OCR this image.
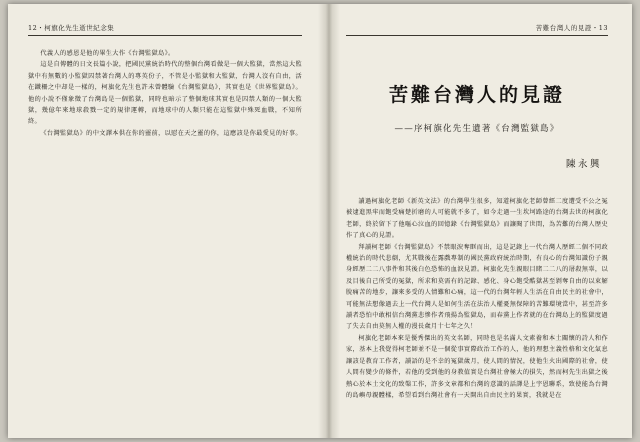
12・柯旗化先生逝世紀念集

代義人的感恩是他的畢生大作《台灣監獄島》。

這是自傳體的日文長篇小說，把國民黨統治時代的整個台灣看做是一個大監獄，當然這大監獄中有無數的小監獄囚禁著台灣人的專英份子，不管是小監獄和大監獄，台灣人沒有自由，活在鐵柵之中却是一樣的，柯旗化先生也許未曾體驗《台灣監獄島》，其實也是《世界監獄島》。他的小說不僅象徵了台灣島是一個監獄，同時也暗示了整個地球其實也是囚禁人類的一個大監獄，幾億年來地球殺戮一定的規律運轉，而地球中的人類只能在這監獄中殊死血戰，不知所終。

《台灣監獄島》的中文譯本供在你的靈前，以慰在天之靈的你，這應該是你最愛見的好事。

苦難台灣人的見證・13
苦難台灣人的見證
——序柯旗化先生遺著《台灣監獄島》
陳永興

讀過柯旗化老師《新英文法》的台灣學生很多，知道柯旗化老師曾經二度遭受不公之冤被逮進黑牢而飽受痛楚折磨的人可能就不多了，如今走過一生坎坷路途的台灣去世的柯旗化老師，終於留下了他嘔心泣血的回憶錄《台灣監獄島》而讓閱了世間，為苦難的台灣人歷史作了真心的見證。

拜讀柯老師《台灣監獄島》不禁眼淚奪眶而出，這是記錄上一代台灣人歷經二個不同政權統治的時代悲劇，尤其戰後在露戲專制的國民黨政府統治時期，有良心的台灣知識份子親身經歷二二八事件和其後白色恐怖的血淚見證。柯旗化先生親眼目睹二二八的屠殺無辜，以及目後自己所受的冤獄，所求和莫需有的記錄、感化、身心飽受酷獄甚至剝奪自由的以束解脫痛苦的地步，讓來多受的人情難和心痛，這一代的台灣年輕人生活在自由民主的社會中，可能無法想像過去上一代台灣人是如何生活在法治人權憂無保障的苦難環境當中，甚至許多讀者恐怕中敢相信台灣黨悲慘作者飛揚為監獄島，而春黨上作者就的在台灣島上的監獄度過了失去自由莫無人權的漫長歲月十七年之久！

柯旗化老師本來是優秀傑出的英文名師，同時也是名滿人文素養和本土關懷的詩人和作家，基本上我覺得柯老師並不是一個從事實際政治工作的人，他的理想主義性格和文化氣息讓該是教育工作者，讀語的是不幸的冤獄歲月，使人間的情況，使他生火出國際的社會，使人間有變少的條件，若他的受到他的身教值實是台灣社會極大的損失，然而柯先生出獄之後熱心於本土文化的致槃工作，許多文章都和台灣的意識的話譯是上宇恩聯系，致使能為台灣的島嶼母親體樣，希望看到台灣社會有一天開出自由民主的果實，我就是在
